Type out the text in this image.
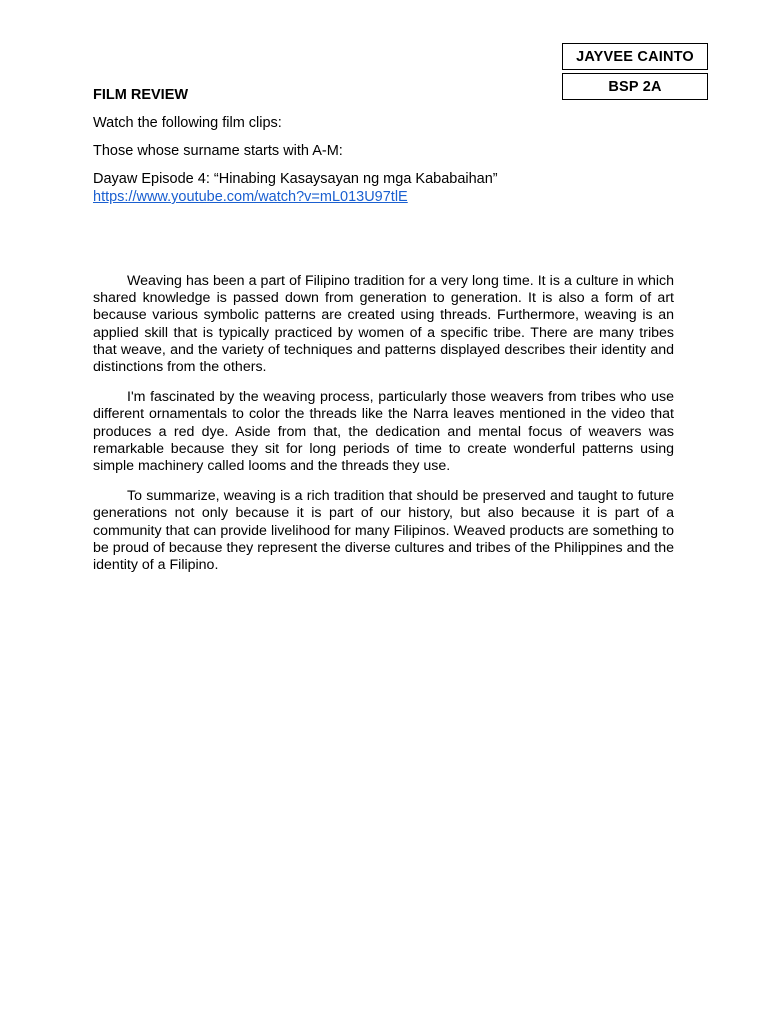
JAYVEE CAINTO
BSP 2A
FILM REVIEW
Watch the following film clips:
Those whose surname starts with A-M:
Dayaw Episode 4: “Hinabing Kasaysayan ng mga Kababaihan”
https://www.youtube.com/watch?v=mL013U97tlE

Weaving has been a part of Filipino tradition for a very long time. It is a culture in which shared knowledge is passed down from generation to generation. It is also a form of art because various symbolic patterns are created using threads. Furthermore, weaving is an applied skill that is typically practiced by women of a specific tribe. There are many tribes that weave, and the variety of techniques and patterns displayed describes their identity and distinctions from the others.

I'm fascinated by the weaving process, particularly those weavers from tribes who use different ornamentals to color the threads like the Narra leaves mentioned in the video that produces a red dye. Aside from that, the dedication and mental focus of weavers was remarkable because they sit for long periods of time to create wonderful patterns using simple machinery called looms and the threads they use.

To summarize, weaving is a rich tradition that should be preserved and taught to future generations not only because it is part of our history, but also because it is part of a community that can provide livelihood for many Filipinos. Weaved products are something to be proud of because they represent the diverse cultures and tribes of the Philippines and the identity of a Filipino.
